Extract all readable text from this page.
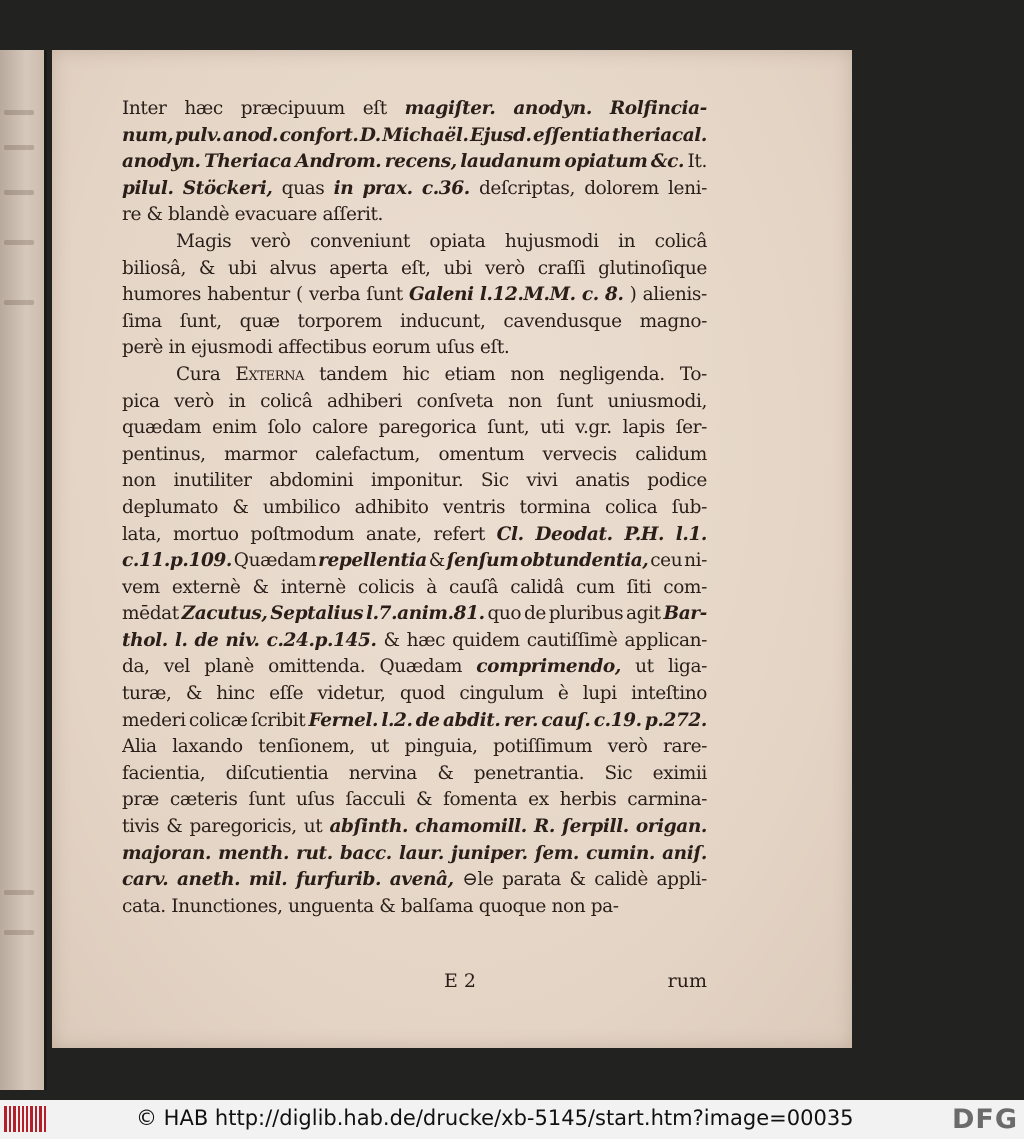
Inter hæc præcipuum eſt magiſter. anodyn. Rolfincia-
num, pulv. anod. confort. D. Michaël. Ejusd. eſſentia theriacal.
anodyn. Theriaca Androm. recens, laudanum opiatum &c. It.
pilul. Stöckeri, quas in prax. c.36. deſcriptas, dolorem leni-
re
&
blandè
evacuare
aſſerit.
Magis verò conveniunt opiata hujusmodi in colicâ
biliosâ, & ubi alvus aperta eſt, ubi verò craſſi glutinoſique
humores habentur ( verba ſunt Galeni l.12.M.M. c. 8. ) alienis-
ſima ſunt, quæ torporem inducunt, cavendusque magno-
perè
in
ejusmodi
affectibus
eorum
uſus
eſt.
Cura Externa tandem hic etiam non negligenda. To-
pica verò in colicâ adhiberi conſveta non ſunt uniusmodi,
quædam enim ſolo calore paregorica ſunt, uti v.gr. lapis ſer-
pentinus, marmor calefactum, omentum vervecis calidum
non inutiliter abdomini imponitur. Sic vivi anatis podice
deplumato & umbilico adhibito ventris tormina colica ſub-
lata, mortuo poſtmodum anate, refert Cl. Deodat. P.H. l.1.
c.11.p.109. Quædam repellentia & ſenſum obtundentia, ceu ni-
vem externè & internè colicis à cauſâ calidâ cum ſiti com-
mēdat Zacutus, Septalius l.7.anim.81. quo de pluribus agit Bar-
thol. l. de niv. c.24.p.145. & hæc quidem cautiſſimè applican-
da, vel planè omittenda. Quædam comprimendo, ut liga-
turæ, & hinc eſſe videtur, quod cingulum è lupi inteſtino
mederi colicæ ſcribit Fernel. l.2. de abdit. rer. cauſ. c.19. p.272.
Alia laxando tenſionem, ut pinguia, potiſſimum verò rare-
facientia, diſcutientia nervina & penetrantia. Sic eximii
præ cæteris ſunt uſus ſacculi & fomenta ex herbis carmina-
tivis & paregoricis, ut abſinth. chamomill. R. ſerpill. origan.
majoran. menth. rut. bacc. laur. juniper. ſem. cumin. aniſ.
carv. aneth. mil. furfurib. avenâ, ⊖le parata & calidè appli-
cata.
Inunctiones,
unguenta
&
balſama
quoque
non
pa-
E 2	rum
© HAB http://diglib.hab.de/drucke/xb-5145/start.htm?image=00035	DFG
